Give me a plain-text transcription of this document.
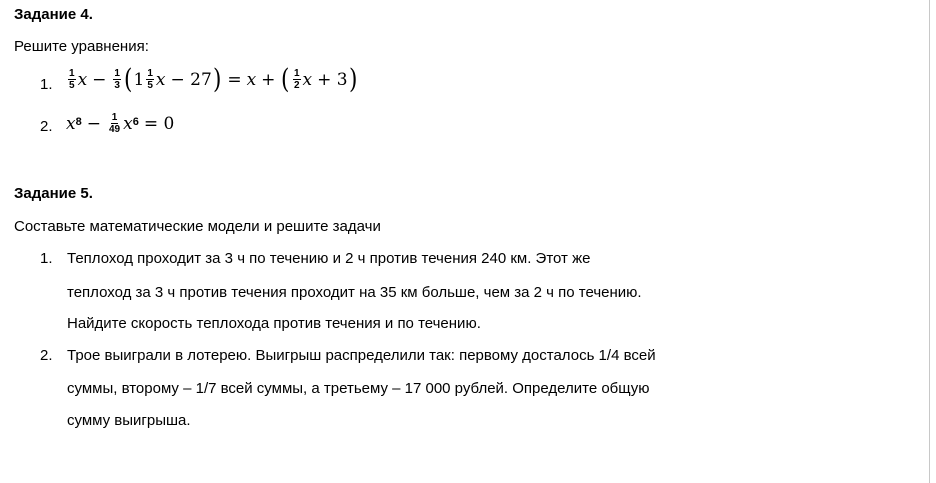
Задание 4.
Решите уравнения:
1. $\frac{1}{5}$ $x - \frac{1}{3}$ ( $1 \frac{1}{5}$ x − 27 ) = x + ( $\frac{1}{2}$ x + 3 )
2. $x^8 - \frac{1}{49} x^6 = 0$
Задание 5.
Составьте математические модели и решите задачи
1. Теплоход проходит за 3 ч по течению и 2 ч против течения 240 км. Этот же
теплоход за 3 ч против течения проходит на 35 км больше, чем за 2 ч по течению.
Найдите скорость теплохода против течения и по течению.
2. Трое выиграли в лотерею. Выигрыш распределили так: первому досталось 1/4 всей
суммы, второму – 1/7 всей суммы, а третьему – 17 000 рублей. Определите общую
сумму выигрыша.
